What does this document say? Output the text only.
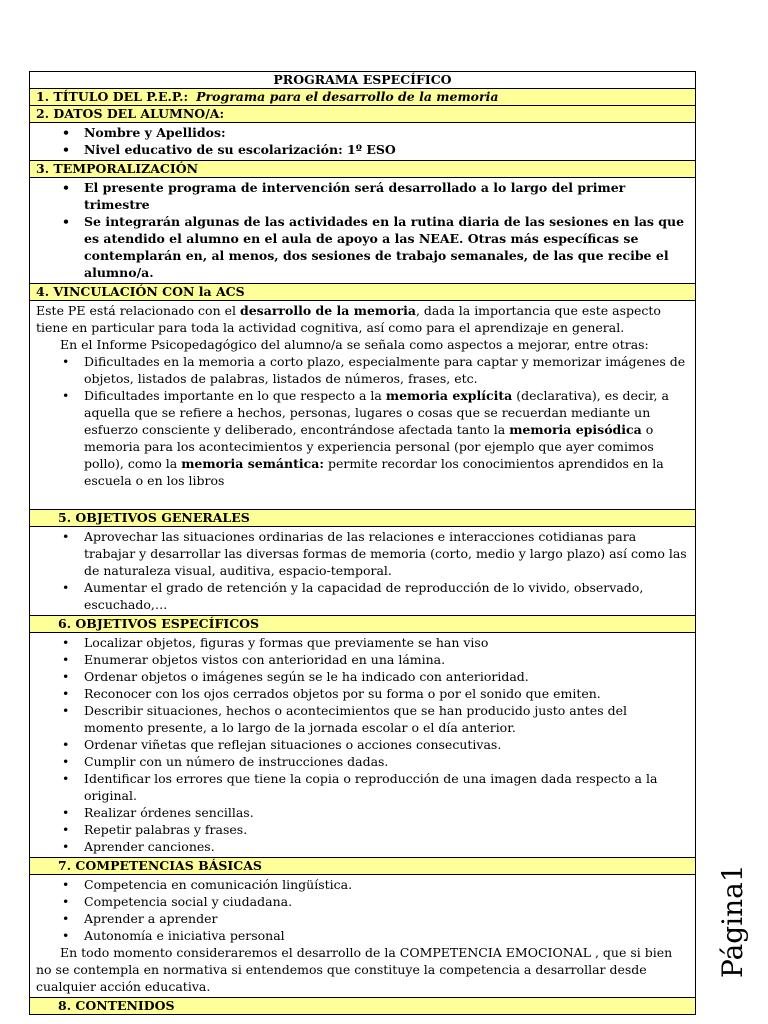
PROGRAMA ESPECÍFICO
1. TÍTULO DEL P.E.P.: Programa para el desarrollo de la memoria
2. DATOS DEL ALUMNO/A:
• Nombre y Apellidos:
• Nivel educativo de su escolarización: 1º ESO
3. TEMPORALIZACIÓN
• El presente programa de intervención será desarrollado a lo largo del primer trimestre
• Se integrarán algunas de las actividades en la rutina diaria de las sesiones en las que es atendido el alumno en el aula de apoyo a las NEAE. Otras más específicas se contemplarán en, al menos, dos sesiones de trabajo semanales, de las que recibe el alumno/a.
4. VINCULACIÓN CON la ACS

Este PE está relacionado con el desarrollo de la memoria, dada la importancia que este aspecto tiene en particular para toda la actividad cognitiva, así como para el aprendizaje en general.

En el Informe Psicopedagógico del alumno/a se señala como aspectos a mejorar, entre otras:

• Dificultades en la memoria a corto plazo, especialmente para captar y memorizar imágenes de objetos, listados de palabras, listados de números, frases, etc.
• Dificultades importante en lo que respecto a la memoria explícita (declarativa), es decir, a aquella que se refiere a hechos, personas, lugares o cosas que se recuerdan mediante un esfuerzo consciente y deliberado, encontrándose afectada tanto la memoria episódica o memoria para los acontecimientos y experiencia personal (por ejemplo que ayer comimos pollo), como la memoria semántica: permite recordar los conocimientos aprendidos en la escuela o en los libros
5. OBJETIVOS GENERALES
• Aprovechar las situaciones ordinarias de las relaciones e interacciones cotidianas para trabajar y desarrollar las diversas formas de memoria (corto, medio y largo plazo) así como las de naturaleza visual, auditiva, espacio-temporal.
• Aumentar el grado de retención y la capacidad de reproducción de lo vivido, observado, escuchado,…
6. OBJETIVOS ESPECÍFICOS
• Localizar objetos, figuras y formas que previamente se han viso
• Enumerar objetos vistos con anterioridad en una lámina.
• Ordenar objetos o imágenes según se le ha indicado con anterioridad.
• Reconocer con los ojos cerrados objetos por su forma o por el sonido que emiten.
• Describir situaciones, hechos o acontecimientos que se han producido justo antes del momento presente, a lo largo de la jornada escolar o el día anterior.
• Ordenar viñetas que reflejan situaciones o acciones consecutivas.
• Cumplir con un número de instrucciones dadas.
• Identificar los errores que tiene la copia o reproducción de una imagen dada respecto a la original.
• Realizar órdenes sencillas.
• Repetir palabras y frases.
• Aprender canciones.
7. COMPETENCIAS BÁSICAS
• Competencia en comunicación lingüística.
• Competencia social y ciudadana.
• Aprender a aprender
• Autonomía e iniciativa personal

En todo momento consideraremos el desarrollo de la COMPETENCIA EMOCIONAL , que si bien no se contempla en normativa si entendemos que constituye la competencia a desarrollar desde cualquier acción educativa.

8. CONTENIDOS
Página1
